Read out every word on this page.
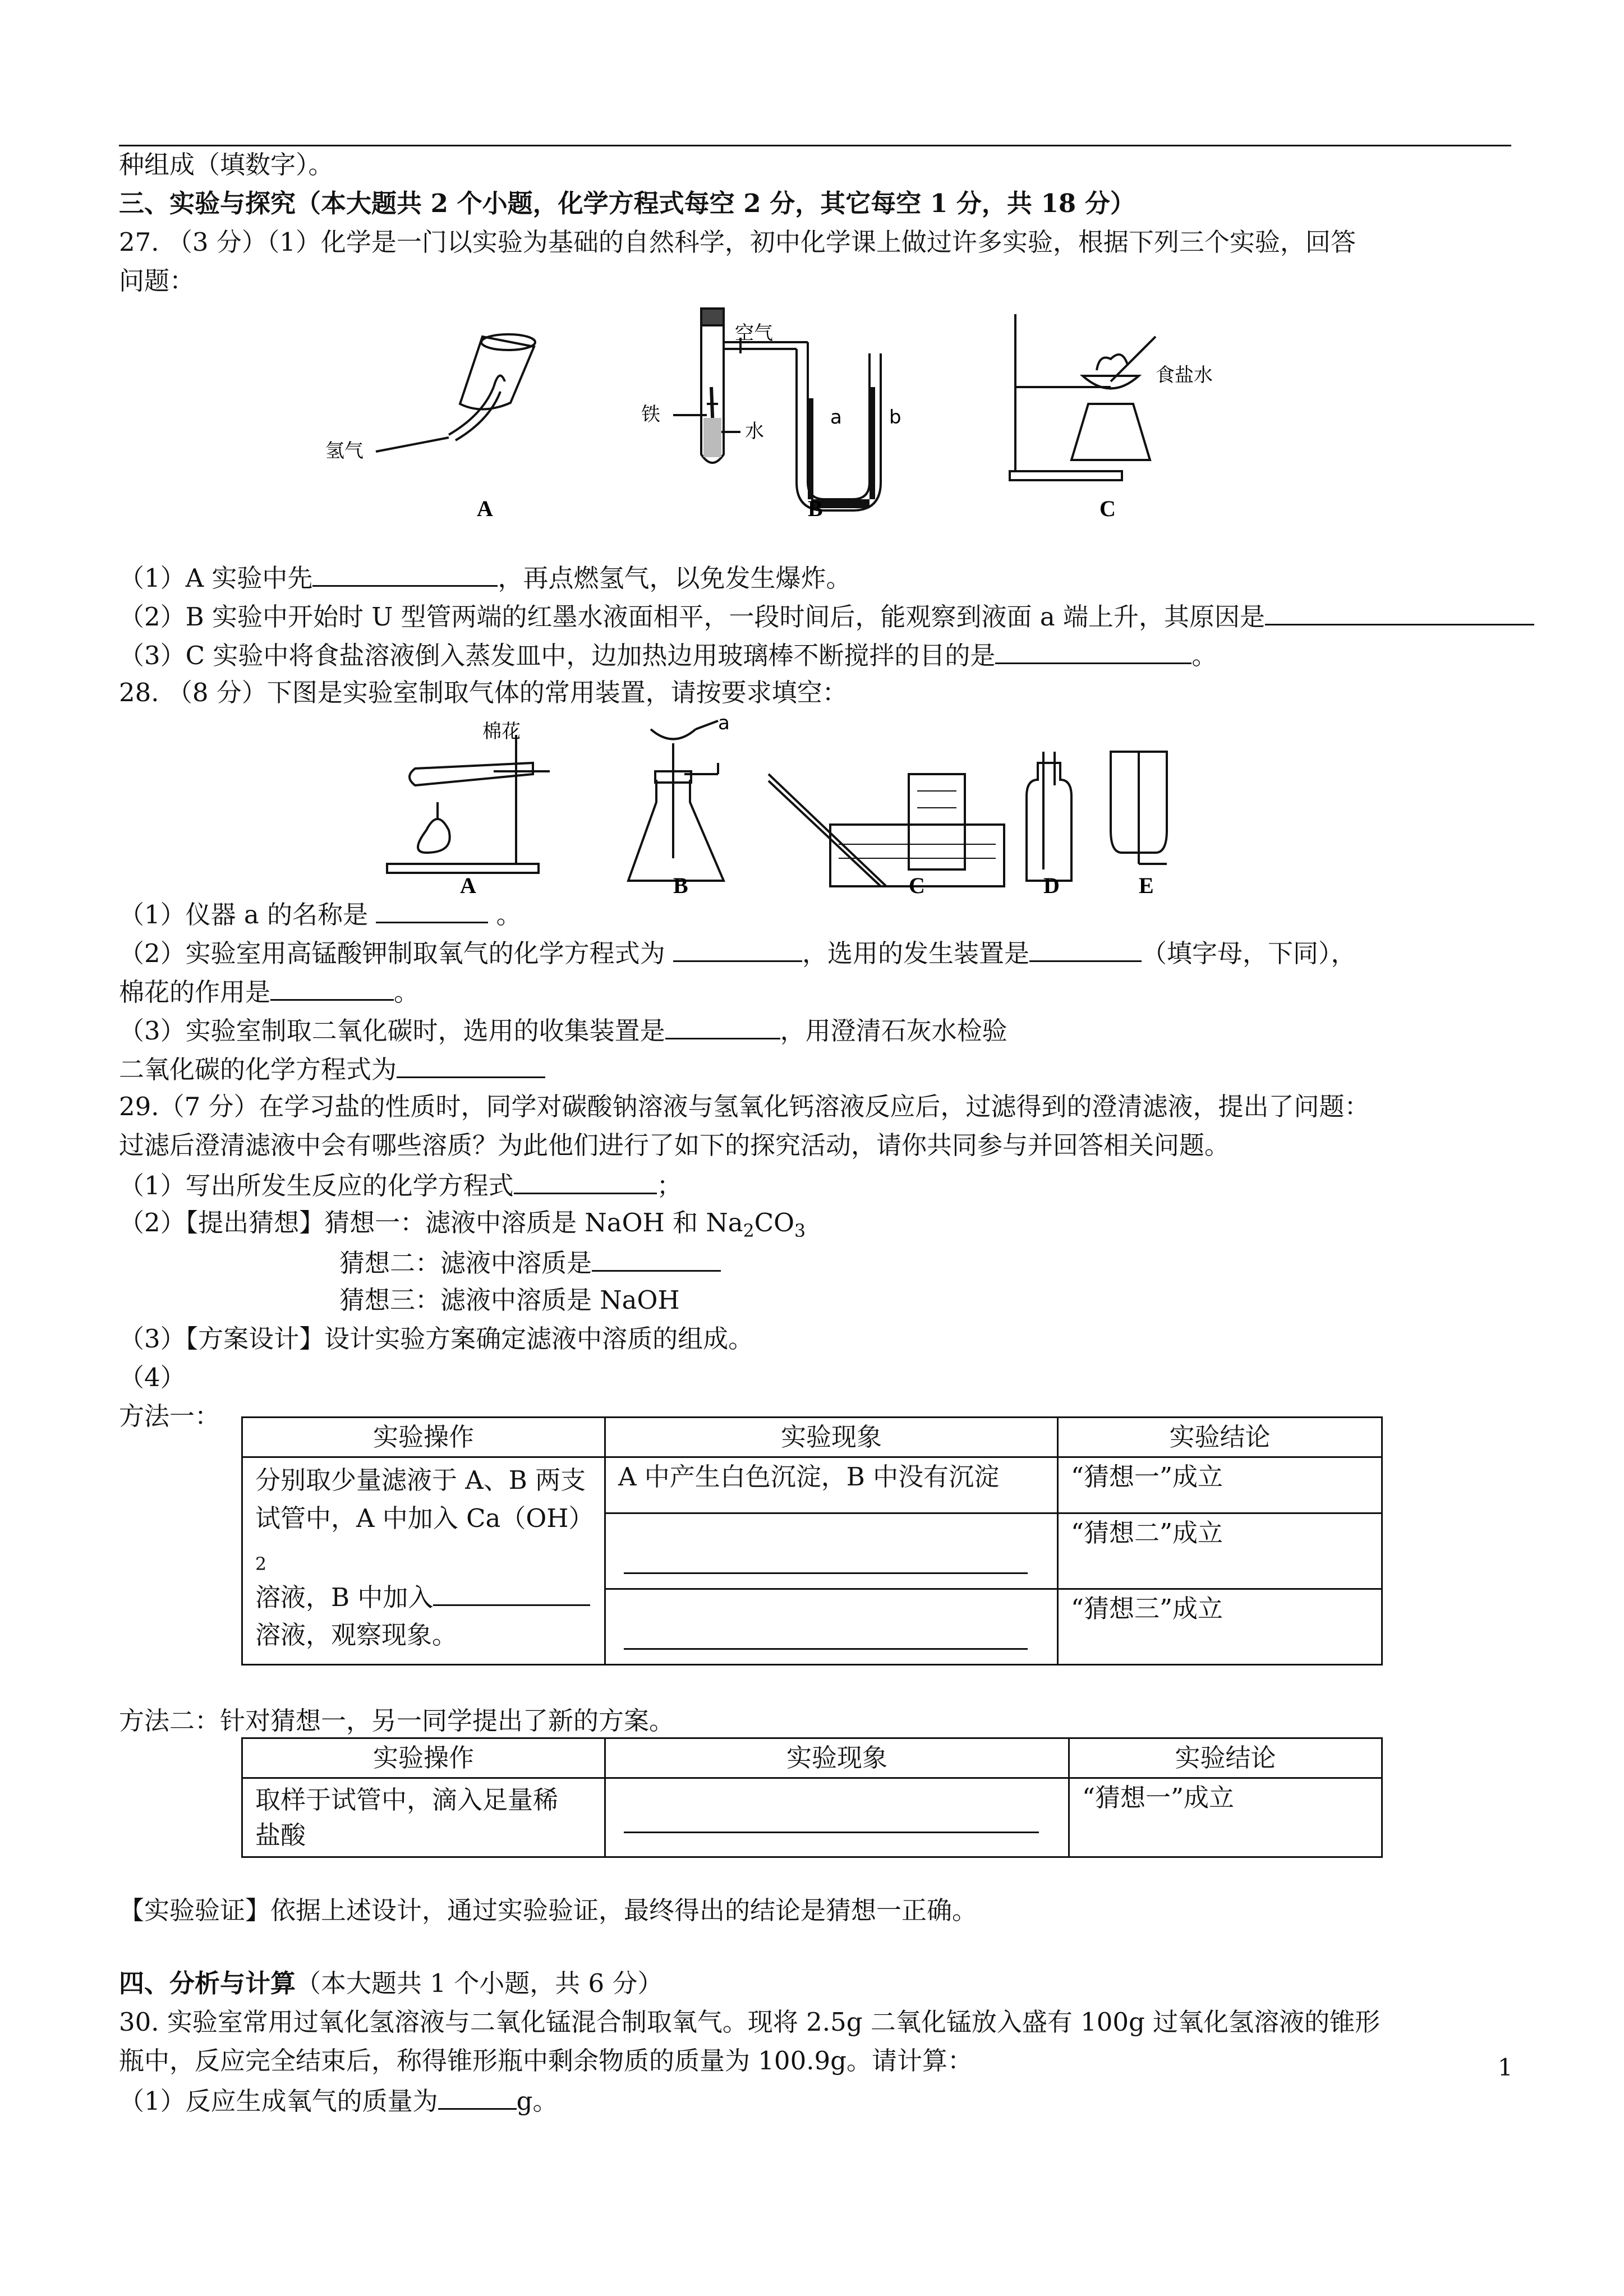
种组成（填数字）。
三、实验与探究（本大题共 2 个小题，化学方程式每空 2 分，其它每空 1 分，共 18 分）
27. （3 分）（1）化学是一门以实验为基础的自然科学，初中化学课上做过许多实验，根据下列三个实验，回答
问题：
氢气
空气
铁
水
a b
食盐水
A	B	C
（1）A 实验中先	，再点燃氢气，以免发生爆炸。
（2）B 实验中开始时 U 型管两端的红墨水液面相平，一段时间后，能观察到液面 a 端上升，其原因是
（3）C 实验中将食盐溶液倒入蒸发皿中，边加热边用玻璃棒不断搅拌的目的是	。
28. （8 分）下图是实验室制取气体的常用装置，请按要求填空：
棉花	a
A	B	C	D	E
（1）仪器 a 的名称是	。
（2）实验室用高锰酸钾制取氧气的化学方程式为	，选用的发生装置是	（填字母，下同），
棉花的作用是	。
（3）实验室制取二氧化碳时，选用的收集装置是	，用澄清石灰水检验
二氧化碳的化学方程式为
29.（7 分）在学习盐的性质时，同学对碳酸钠溶液与氢氧化钙溶液反应后，过滤得到的澄清滤液，提出了问题：
过滤后澄清滤液中会有哪些溶质？为此他们进行了如下的探究活动，请你共同参与并回答相关问题。
（1）写出所发生反应的化学方程式	；
（2）【提出猜想】猜想一：滤液中溶质是 NaOH 和 $Na_2CO_3$
猜想二：滤液中溶质是
猜想三：滤液中溶质是 NaOH
（3）【方案设计】设计实验方案确定滤液中溶质的组成。
（4）
方法一：
实验操作	实验现象	实验结论

分别取少量滤液于 A、B 两支
试管中，A 中加入 $Ca(OH)_2$
溶液，B 中加入
溶液，观察现象。	A 中产生白色沉淀，B 中没有沉淀	“猜想一”成立

		“猜想二”成立

		“猜想三”成立
方法二：针对猜想一，另一同学提出了新的方案。
实验操作	实验现象	实验结论

取样于试管中，滴入足量稀
盐酸		“猜想一”成立
【实验验证】依据上述设计，通过实验验证，最终得出的结论是猜想一正确。
四、分析与计算（本大题共 1 个小题，共 6 分）
30. 实验室常用过氧化氢溶液与二氧化锰混合制取氧气。现将 2.5g 二氧化锰放入盛有 100g 过氧化氢溶液的锥形
瓶中，反应完全结束后，称得锥形瓶中剩余物质的质量为 100.9g。请计算：
（1）反应生成氧气的质量为	g。
1
